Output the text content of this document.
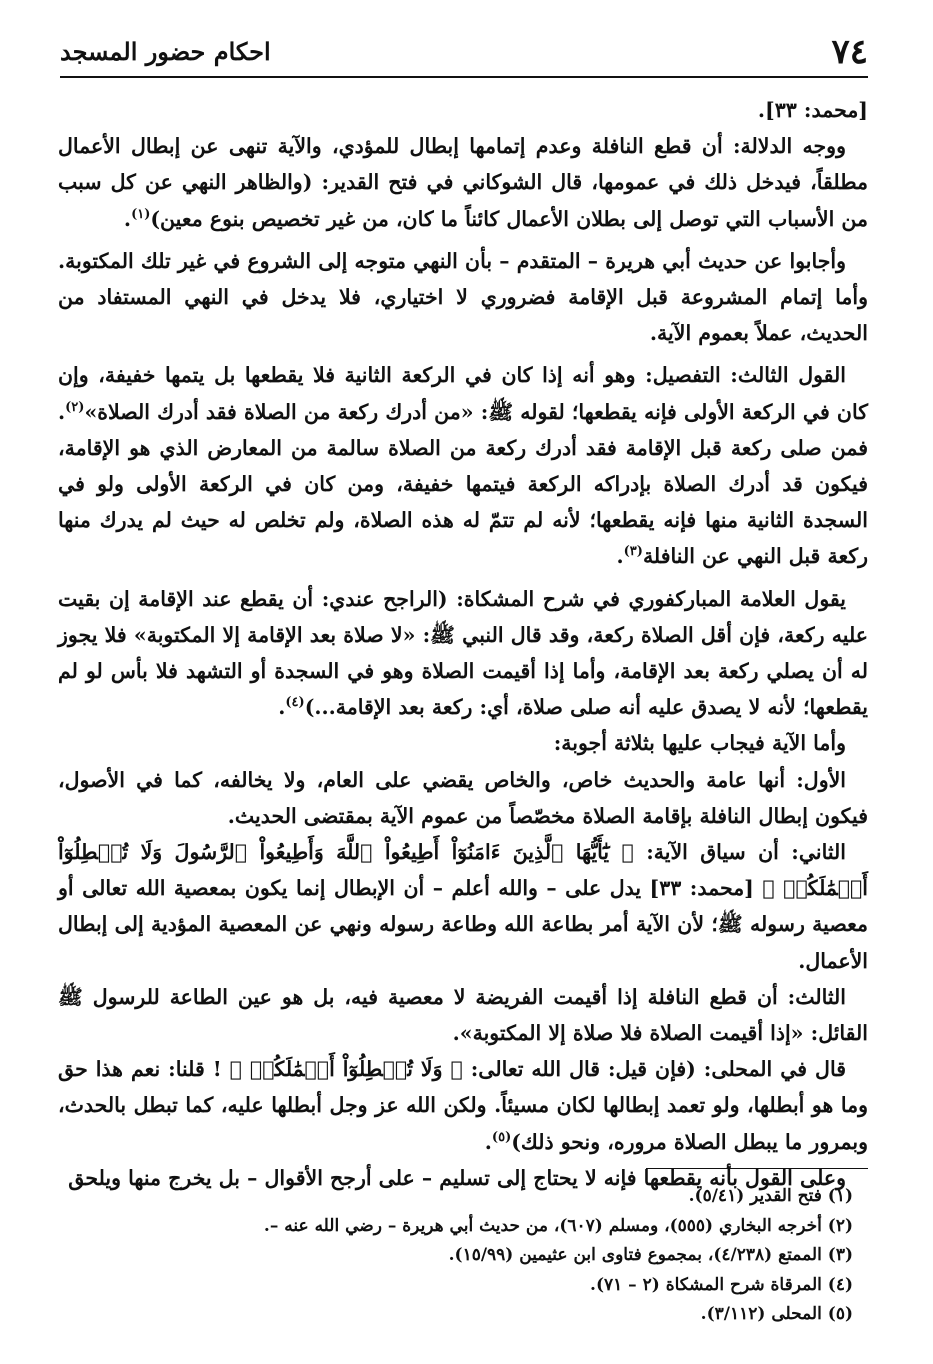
٧٤
احكام حضور المسجد

[محمد: ٣٣].

ووجه الدلالة: أن قطع النافلة وعدم إتمامها إبطال للمؤدي، والآية تنهى عن إبطال الأعمال مطلقاً، فيدخل ذلك في عمومها، قال الشوكاني في فتح القدير: (والظاهر النهي عن كل سبب من الأسباب التي توصل إلى بطلان الأعمال كائناً ما كان، من غير تخصيص بنوع معين)$^{(١)}$.

وأجابوا عن حديث أبي هريرة – المتقدم – بأن النهي متوجه إلى الشروع في غير تلك المكتوبة. وأما إتمام المشروعة قبل الإقامة فضروري لا اختياري، فلا يدخل في النهي المستفاد من الحديث، عملاً بعموم الآية.

القول الثالث: التفصيل: وهو أنه إذا كان في الركعة الثانية فلا يقطعها بل يتمها خفيفة، وإن كان في الركعة الأولى فإنه يقطعها؛ لقوله ﷺ: «من أدرك ركعة من الصلاة فقد أدرك الصلاة»$^{(٢)}$. فمن صلى ركعة قبل الإقامة فقد أدرك ركعة من الصلاة سالمة من المعارض الذي هو الإقامة، فيكون قد أدرك الصلاة بإدراكه الركعة فيتمها خفيفة، ومن كان في الركعة الأولى ولو في السجدة الثانية منها فإنه يقطعها؛ لأنه لم تتمّ له هذه الصلاة، ولم تخلص له حيث لم يدرك منها ركعة قبل النهي عن النافلة$^{(٣)}$.

يقول العلامة المباركفوري في شرح المشكاة: (الراجح عندي: أن يقطع عند الإقامة إن بقيت عليه ركعة، فإن أقل الصلاة ركعة، وقد قال النبي ﷺ: «لا صلاة بعد الإقامة إلا المكتوبة» فلا يجوز له أن يصلي ركعة بعد الإقامة، وأما إذا أقيمت الصلاة وهو في السجدة أو التشهد فلا بأس لو لم يقطعها؛ لأنه لا يصدق عليه أنه صلى صلاة، أي: ركعة بعد الإقامة...)$^{(٤)}$.

وأما الآية فيجاب عليها بثلاثة أجوبة:

الأول: أنها عامة والحديث خاص، والخاص يقضي على العام، ولا يخالفه، كما في الأصول، فيكون إبطال النافلة بإقامة الصلاة مخصّصاً من عموم الآية بمقتضى الحديث.

الثاني: أن سياق الآية: ﴿ يَٰٓأَيُّهَا ٱلَّذِينَ ءَامَنُوٓاْ أَطِيعُواْ ٱللَّهَ وَأَطِيعُواْ ٱلرَّسُولَ وَلَا تُبۡطِلُوٓاْ أَعۡمَٰلَكُمۡ ﴾ [محمد: ٣٣] يدل على – والله أعلم – أن الإبطال إنما يكون بمعصية الله تعالى أو معصية رسوله ﷺ؛ لأن الآية أمر بطاعة الله وطاعة رسوله ونهي عن المعصية المؤدية إلى إبطال الأعمال.

الثالث: أن قطع النافلة إذا أقيمت الفريضة لا معصية فيه، بل هو عين الطاعة للرسول ﷺ القائل: «إذا أقيمت الصلاة فلا صلاة إلا المكتوبة».

قال في المحلى: (فإن قيل: قال الله تعالى: ﴿ وَلَا تُبۡطِلُوٓاْ أَعۡمَٰلَكُمۡ ﴾ ! قلنا: نعم هذا حق وما هو أبطلها، ولو تعمد إبطالها لكان مسيئاً. ولكن الله عز وجل أبطلها عليه، كما تبطل بالحدث، وبمرور ما يبطل الصلاة مروره، ونحو ذلك)$^{(٥)}$.

وعلى القول بأنه يقطعها فإنه لا يحتاج إلى تسليم – على أرجح الأقوال – بل يخرج منها ويلحق

(١) فتح القدير (٥/٤١).
(٢) أخرجه البخاري (٥٥٥)، ومسلم (٦٠٧)، من حديث أبي هريرة – رضي الله عنه –.
(٣) الممتع (٤/٢٣٨)، بمجموع فتاوى ابن عثيمين (١٥/٩٩).
(٤) المرقاة شرح المشكاة (٢ – ٧١).
(٥) المحلى (٣/١١٢).
